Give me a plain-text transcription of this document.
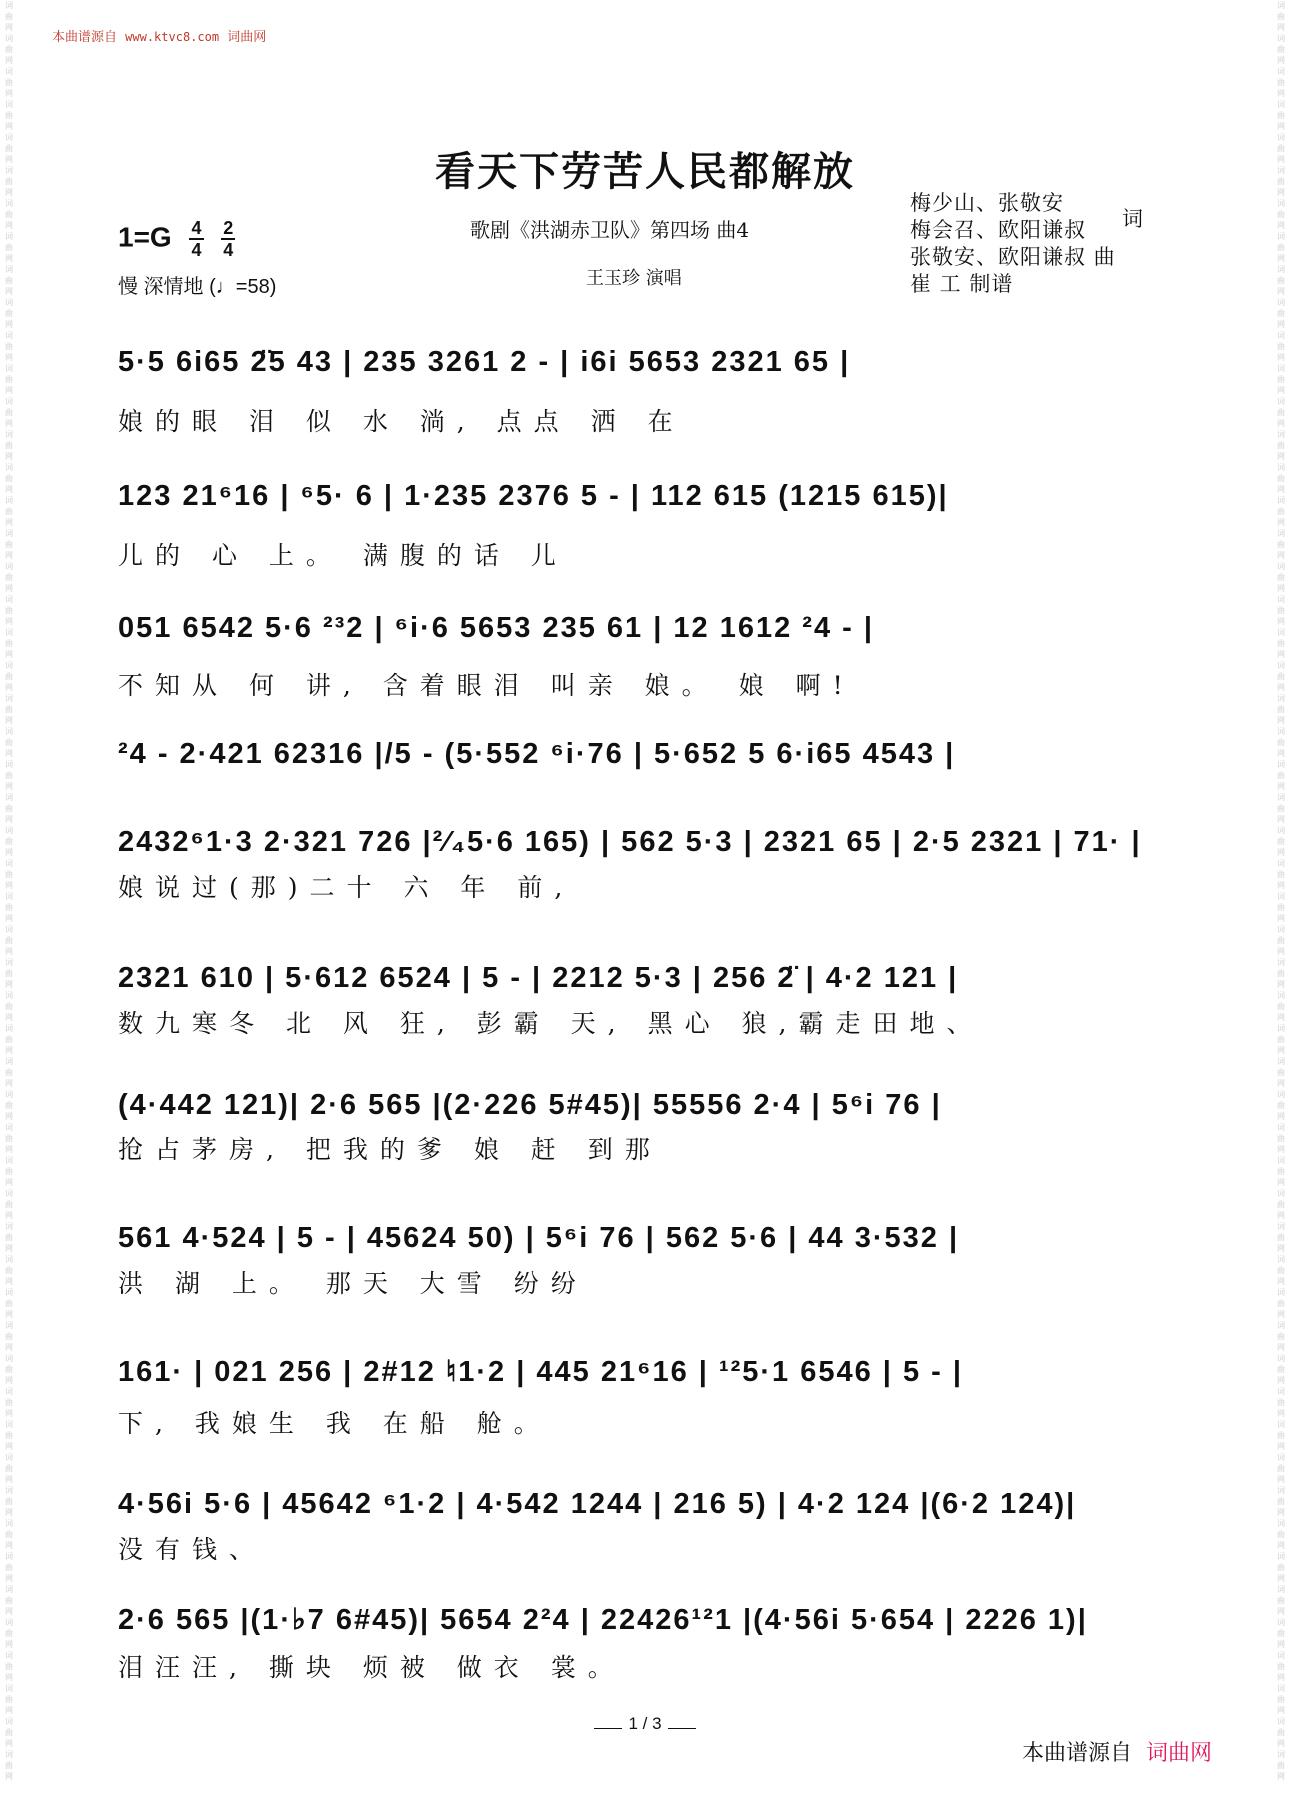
词曲网
词曲网
词曲网
词曲网
词曲网
词曲网
词曲网
词曲网
词曲网
词曲网
词曲网
词曲网
词曲网
词曲网
词曲网
词曲网
词曲网
词曲网
词曲网
词曲网
词曲网
词曲网
词曲网
词曲网
词曲网
词曲网
词曲网
词曲网
词曲网
词曲网
词曲网
词曲网
词曲网
词曲网
词曲网
词曲网
词曲网
词曲网
词曲网
词曲网
词曲网
词曲网
词曲网
词曲网
词曲网
词曲网
词曲网
词曲网
词曲网
词曲网
词曲网
词曲网
词曲网
词曲网

词曲网
词曲网
词曲网
词曲网
词曲网
词曲网
词曲网
词曲网
词曲网
词曲网
词曲网
词曲网
词曲网
词曲网
词曲网
词曲网
词曲网
词曲网
词曲网
词曲网
词曲网
词曲网
词曲网
词曲网
词曲网
词曲网
词曲网
词曲网
词曲网
词曲网
词曲网
词曲网
词曲网
词曲网
词曲网
词曲网
词曲网
词曲网
词曲网
词曲网
词曲网
词曲网
词曲网
词曲网
词曲网
词曲网
词曲网
词曲网
词曲网
词曲网
词曲网
词曲网
词曲网
词曲网

本曲谱源自 www.ktvc8.com 词曲网
看天下劳苦人民都解放
$1=G \frac{4}{4}$
$\frac{2}{4}$
慢 深情地 (♩=58)
歌剧《洪湖赤卫队》第四场 曲4
王玉珍 演唱
梅少山、张敬安
梅会召、欧阳谦叔
张敬安、欧阳谦叔 曲
崔 工 制谱
词
5·5 6i65 2̈5 43 | 235 3261 2 - | i6i 5653 2321 65 |
娘的眼 泪 似 水 淌, 点点 洒 在
123 21⁶16 | ⁶5· 6 | 1·235 2376 5 - | 112 615 (1215 615)|
儿的 心 上。 满腹的话 儿
051 6542 5·6 ²³2 | ⁶i·6 5653 235 61 | 12 1612 ²4 - |
不知从 何 讲, 含着眼泪 叫亲 娘。 娘 啊!
²4 - 2·421 62316 |/5 - (5·552 ⁶i·76 | 5·652 5 6·i65 4543 |
2432⁶1·3 2·321 726 |²⁄₄5·6 165) | 562 5·3 | 2321 65 | 2·5 2321 | 71· |
娘说过(那)二十 六 年 前,
2321 610 | 5·612 6524 | 5 - | 2212 5·3 | 256 2̈ | 4·2 121 |
数九寒冬 北 风 狂, 彭霸 天, 黑心 狼,霸走田地、
(4·442 121)| 2·6 565 |(2·226 5#45)| 55556 2·4 | 5⁶i 76 |
抢占茅房, 把我的爹 娘 赶 到那
561 4·524 | 5 - | 45624 50) | 5⁶i 76 | 562 5·6 | 44 3·532 |
洪 湖 上。 那天 大雪 纷纷
161· | 021 256 | 2#12 ♮1·2 | 445 21⁶16 | ¹²5·1 6546 | 5 - |
下, 我娘生 我 在船 舱。
4·56i 5·6 | 45642 ⁶1·2 | 4·542 1244 | 216 5) | 4·2 124 |(6·2 124)|
没有钱、
2·6 565 |(1·♭7 6#45)| 5654 2²4 | 22426¹²1 |(4·56i 5·654 | 2226 1)|
泪汪汪, 撕块 烦被 做衣 裳。
1 / 3
本曲谱源自 词曲网
